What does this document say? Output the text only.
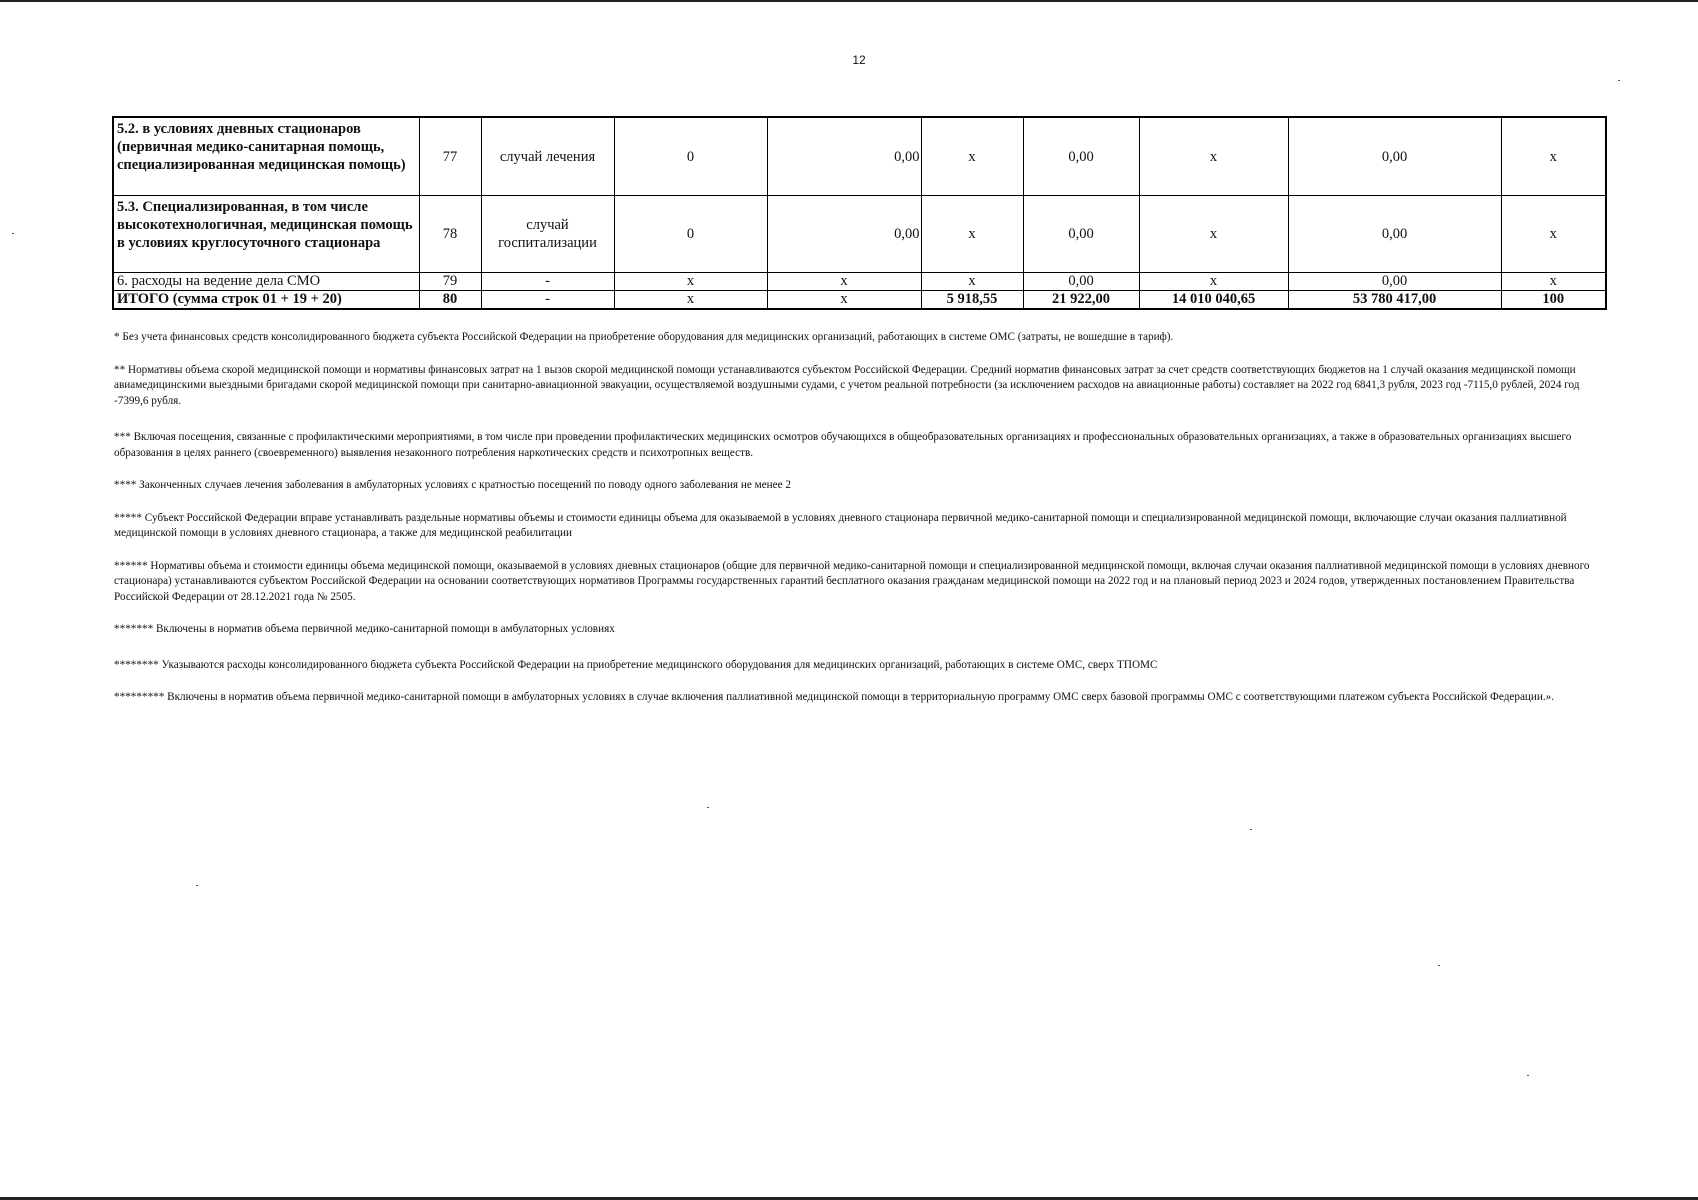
12
5.2. в условиях дневных стационаров (первичная медико-санитарная помощь, специализированная медицинская помощь)	77	случай лечения	0	0,00	x	0,00	x	0,00	x
5.3. Специализированная, в том числе высокотехнологичная, медицинская помощь в условиях круглосуточного стационара	78	случай госпитализации	0	0,00	x	0,00	x	0,00	x
6. расходы на ведение дела СМО	79	-	x	x	x	0,00	x	0,00	x
ИТОГО (сумма строк 01 + 19 + 20)	80	-	x	x	5 918,55	21 922,00	14 010 040,65	53 780 417,00	100

* Без учета финансовых средств консолидированного бюджета субъекта Российской Федерации на приобретение оборудования для медицинских организаций, работающих в системе ОМС (затраты, не вошедшие в тариф).

** Нормативы объема скорой медицинской помощи и нормативы финансовых затрат на 1 вызов скорой медицинской помощи устанавливаются субъектом Российской Федерации. Средний норматив финансовых затрат за счет средств соответствующих бюджетов на 1 случай оказания медицинской помощи авиамедицинскими выездными бригадами скорой медицинской помощи при санитарно-авиационной эвакуации, осуществляемой воздушными судами, с учетом реальной потребности (за исключением расходов на авиационные работы) составляет на 2022 год 6841,3 рубля, 2023 год -7115,0 рублей, 2024 год -7399,6 рубля.

*** Включая посещения, связанные с профилактическими мероприятиями, в том числе при проведении профилактических медицинских осмотров обучающихся в общеобразовательных организациях и профессиональных образовательных организациях, а также в образовательных организациях высшего образования в целях раннего (своевременного) выявления незаконного потребления наркотических средств и психотропных веществ.

**** Законченных случаев лечения заболевания в амбулаторных условиях с кратностью посещений по поводу одного заболевания не менее 2

***** Субъект Российской Федерации вправе устанавливать раздельные нормативы объемы и стоимости единицы объема для оказываемой в условиях дневного стационара первичной медико-санитарной помощи и специализированной медицинской помощи, включающие случаи оказания паллиативной медицинской помощи в условиях дневного стационара, а также для медицинской реабилитации

****** Нормативы объема и стоимости единицы объема медицинской помощи, оказываемой в условиях дневных стационаров (общие для первичной медико-санитарной помощи и специализированной медицинской помощи, включая случаи оказания паллиативной медицинской помощи в условиях дневного стационара) устанавливаются субъектом Российской Федерации на основании соответствующих нормативов Программы государственных гарантий бесплатного оказания гражданам медицинской помощи на 2022 год и на плановый период 2023 и 2024 годов, утвержденных постановлением Правительства Российской Федерации от 28.12.2021 года № 2505.

******* Включены в норматив объема первичной медико-санитарной помощи в амбулаторных условиях

******** Указываются расходы консолидированного бюджета субъекта Российской Федерации на приобретение медицинского оборудования для медицинских организаций, работающих в системе ОМС, сверх ТПОМС

********* Включены в норматив объема первичной медико-санитарной помощи в амбулаторных условиях в случае включения паллиативной медицинской помощи в территориальную программу ОМС сверх базовой программы ОМС с соответствующими платежом субъекта Российской Федерации.».
